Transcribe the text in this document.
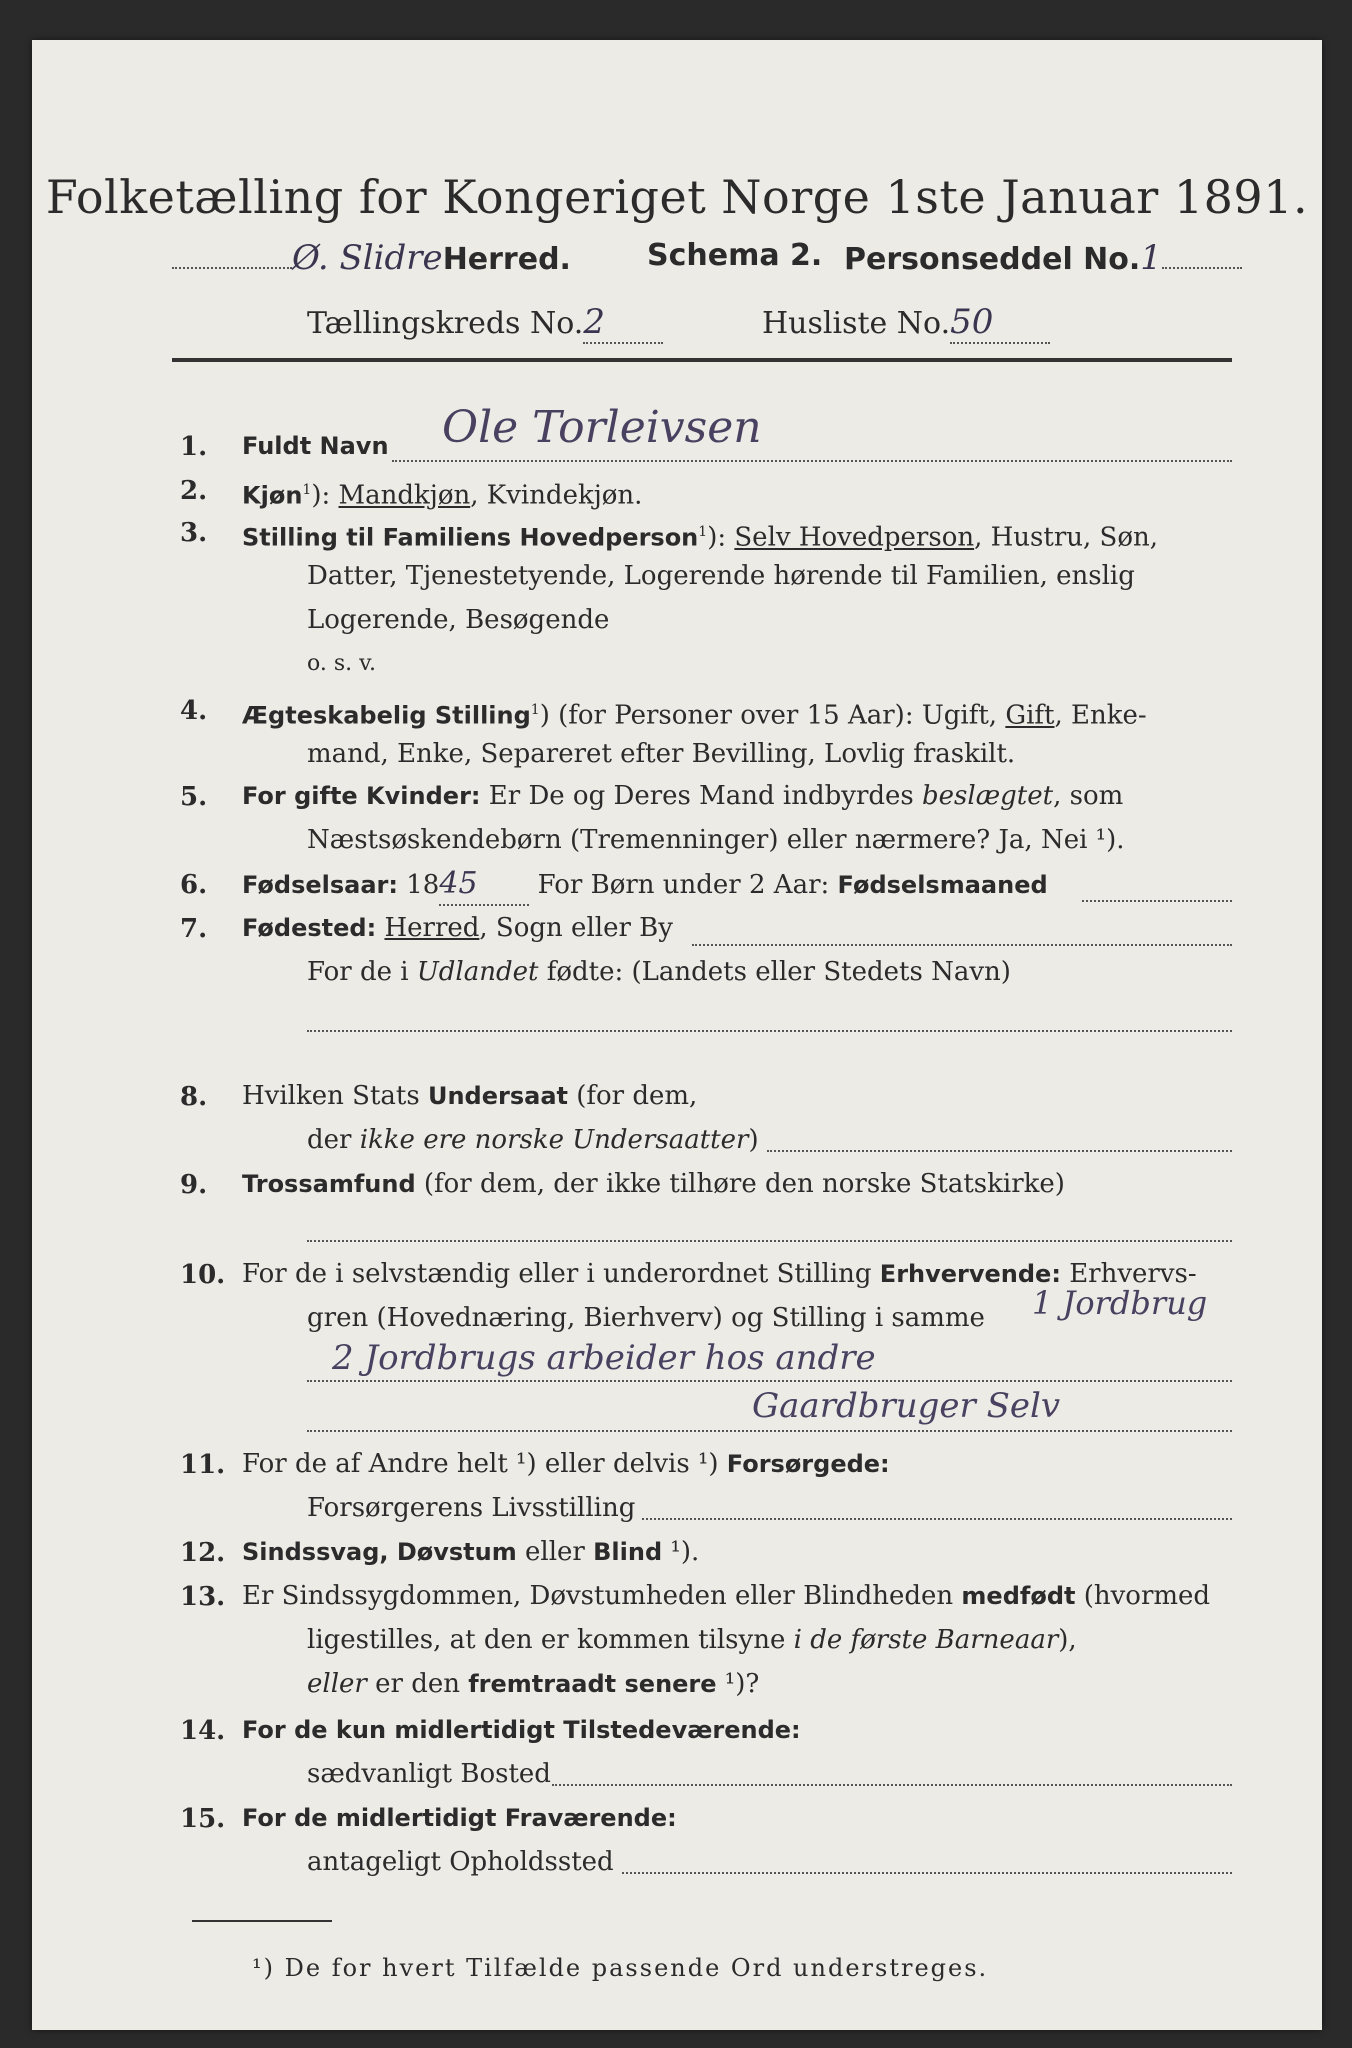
Folketælling for Kongeriget Norge 1ste Januar 1891.
Ø. SlidreHerred.	Schema 2. Personseddel No.1
Tællingskreds No.2	Husliste No.50
1. Fuldt Navn Ole Torleivsen
2. Kjøn$^1$): Mandkjøn, Kvindekjøn.
3. Stilling til Familiens Hovedperson$^1$): Selv Hovedperson, Hustru, Søn,
Datter, Tjenestetyende, Logerende hørende til Familien, enslig
Logerende, Besøgende
o. s. v.
4. Ægteskabelig Stilling$^1$) (for Personer over 15 Aar): Ugift, Gift, Enke-
mand, Enke, Separeret efter Bevilling, Lovlig fraskilt.
5. For gifte Kvinder: Er De og Deres Mand indbyrdes beslægtet, som
Næstsøskendebørn (Tremenninger) eller nærmere? Ja, Nei ¹).
6. Fødselsaar: 1845 For Børn under 2 Aar: Fødselsmaaned
7. Fødested: Herred, Sogn eller By
For de i Udlandet fødte: (Landets eller Stedets Navn)
8. Hvilken Stats Undersaat (for dem,
der ikke ere norske Undersaatter)
9. Trossamfund (for dem, der ikke tilhøre den norske Statskirke)
10. For de i selvstændig eller i underordnet Stilling Erhvervende: Erhvervs-
gren (Hovednæring, Bierhverv) og Stilling i samme 1 Jordbrug
2 Jordbrugs arbeider hos andre
Gaardbruger Selv
11. For de af Andre helt ¹) eller delvis ¹) Forsørgede:
Forsørgerens Livsstilling
12. Sindssvag, Døvstum eller Blind ¹).
13. Er Sindssygdommen, Døvstumheden eller Blindheden medfødt (hvormed
ligestilles, at den er kommen tilsyne i de første Barneaar),
eller er den fremtraadt senere ¹)?
14. For de kun midlertidigt Tilstedeværende:
sædvanligt Bosted
15. For de midlertidigt Fraværende:
antageligt Opholdssted
¹) De for hvert Tilfælde passende Ord understreges.
